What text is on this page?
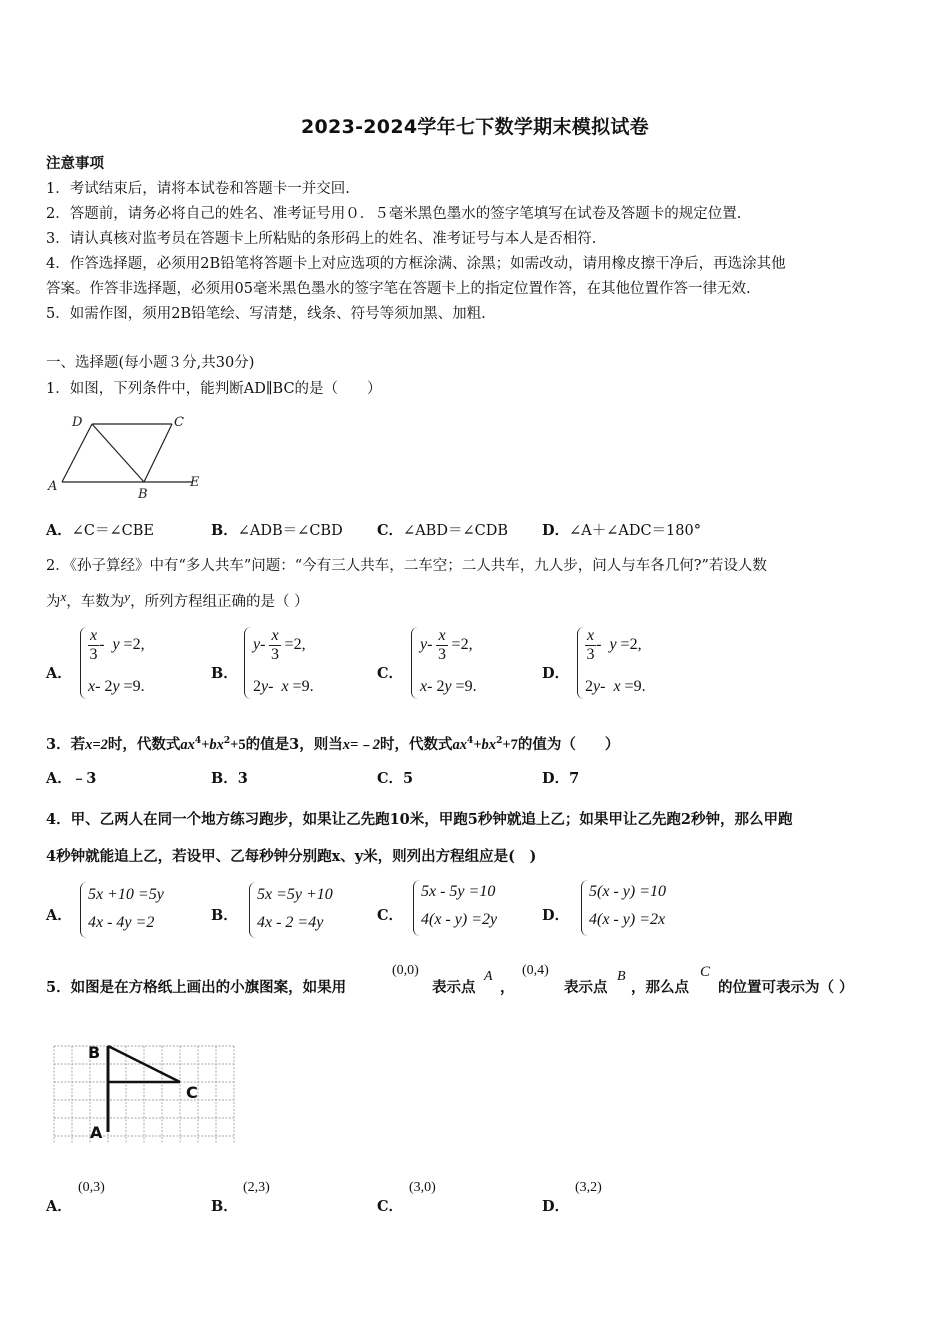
2023-2024学年七下数学期末模拟试卷
注意事项
1．考试结束后，请将本试卷和答题卡一并交回.
2．答题前，请务必将自己的姓名、准考证号用０．５毫米黑色墨水的签字笔填写在试卷及答题卡的规定位置.
3．请认真核对监考员在答题卡上所粘贴的条形码上的姓名、准考证号与本人是否相符.
4．作答选择题，必须用2B铅笔将答题卡上对应选项的方框涂满、涂黑；如需改动，请用橡皮擦干净后，再选涂其他
答案。作答非选择题，必须用05毫米黑色墨水的签字笔在答题卡上的指定位置作答，在其他位置作答一律无效.
5．如需作图，须用2B铅笔绘、写清楚，线条、符号等须加黑、加粗.
一、选择题(每小题３分,共30分)
1．如图，下列条件中，能判断AD∥BC的是（　　）
D	C
A
B
E
A．∠C＝∠CBE	B．∠ADB＝∠CBD C．∠ABD＝∠CDB D．∠A＋∠ADC＝180°
2．《孙子算经》中有“多人共车”问题：“今有三人共车，二车空；二人共车，九人步，问人与车各几何?”若设人数
为x，车数为y，所列方程组正确的是（ ）
A．
$\frac{x}{3} - y =2$,
x- 2y =9.
B．
$y- \frac{x}{3} =2$,
2y- x =9.
C．
$y- \frac{x}{3} =2$,
x- 2y =9.
D．
$\frac{x}{3} - y =2$,
2y- x =9.
3．若x=2时，代数式$ax^4+bx^2+5$的值是3，则当x=﹣2时，代数式$ax^4+bx^2+7$的值为（　　）
A．﹣3	B．3	C．5	D．7
4．甲、乙两人在同一个地方练习跑步，如果让乙先跑10米，甲跑5秒钟就追上乙；如果甲让乙先跑2秒钟，那么甲跑
4秒钟就能追上乙，若设甲、乙每秒钟分别跑x、y米，则列出方程组应是(　)
A．
5x +10 =5y
4x - 4y =2	B．
5x =5y +10
4x - 2 =4y	C．
5x - 5y =10
4(x - y) =2y	D．
5(x - y) =10
4(x - y) =2x
5．如图是在方格纸上画出的小旗图案，如果用
(0,0)
表示点
A
，
(0,4)
表示点
B
，那么点
C
的位置可表示为（ ）
B
C
A
A．
(0,3)
B．
(2,3)
C．
(3,0)
D．
(3,2)
